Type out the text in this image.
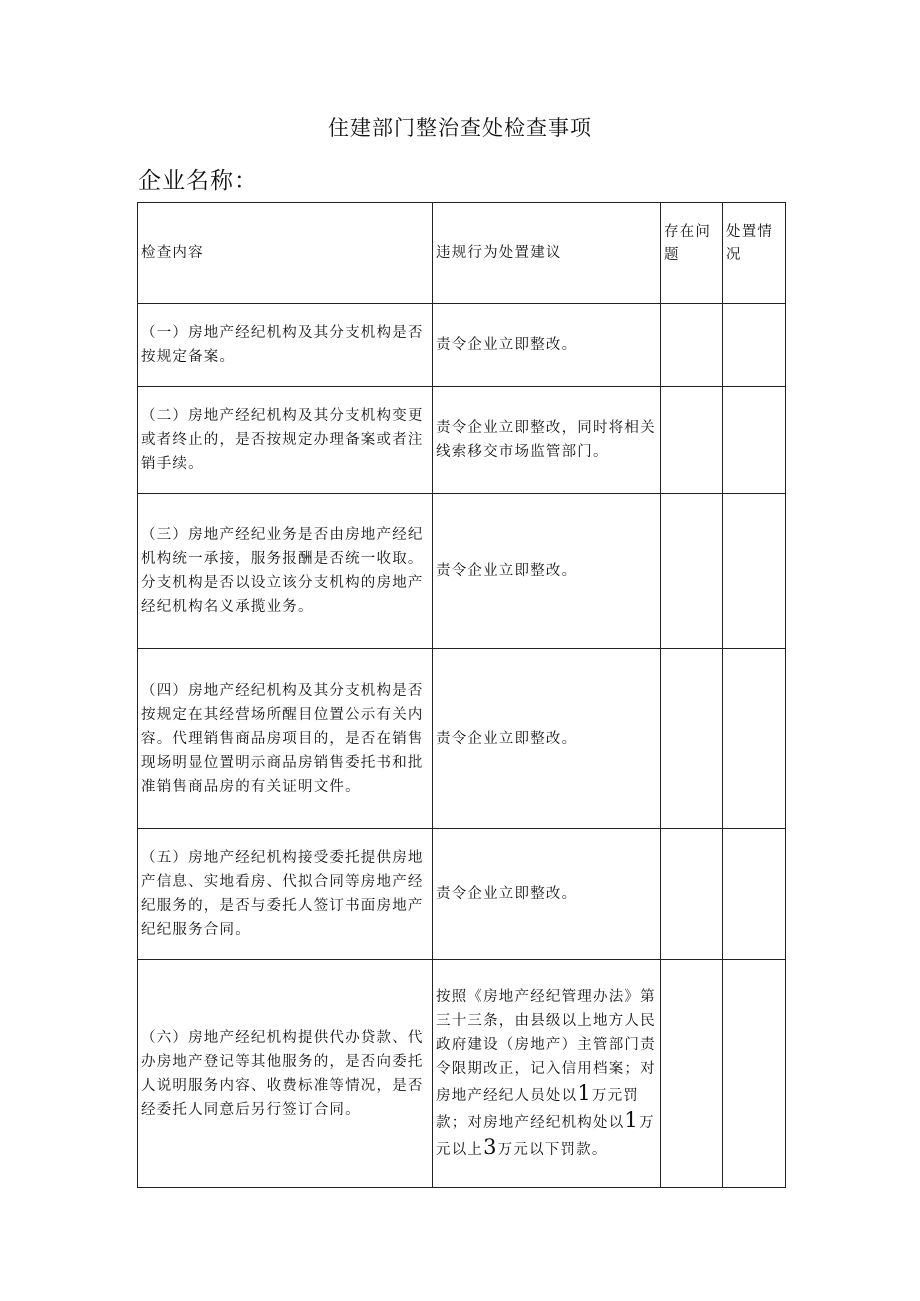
住建部门整治查处检查事项
企业名称：
检查内容	违规行为处置建议	存在问题	处置情况
（一）房地产经纪机构及其分支机构是否按规定备案。	责令企业立即整改。		
（二）房地产经纪机构及其分支机构变更或者终止的，是否按规定办理备案或者注销手续。	责令企业立即整改，同时将相关线索移交市场监管部门。		
（三）房地产经纪业务是否由房地产经纪机构统一承接，服务报酬是否统一收取。分支机构是否以设立该分支机构的房地产经纪机构名义承揽业务。	责令企业立即整改。		
（四）房地产经纪机构及其分支机构是否按规定在其经营场所醒目位置公示有关内容。代理销售商品房项目的，是否在销售现场明显位置明示商品房销售委托书和批准销售商品房的有关证明文件。	责令企业立即整改。		
（五）房地产经纪机构接受委托提供房地产信息、实地看房、代拟合同等房地产经纪服务的，是否与委托人签订书面房地产纪纪服务合同。	责令企业立即整改。		
（六）房地产经纪机构提供代办贷款、代办房地产登记等其他服务的，是否向委托人说明服务内容、收费标准等情况，是否经委托人同意后另行签订合同。	按照《房地产经纪管理办法》第三十三条，由县级以上地方人民政府建设（房地产）主管部门责令限期改正，记入信用档案；对房地产经纪人员处以1万元罚款；对房地产经纪机构处以1万元以上3万元以下罚款。		
